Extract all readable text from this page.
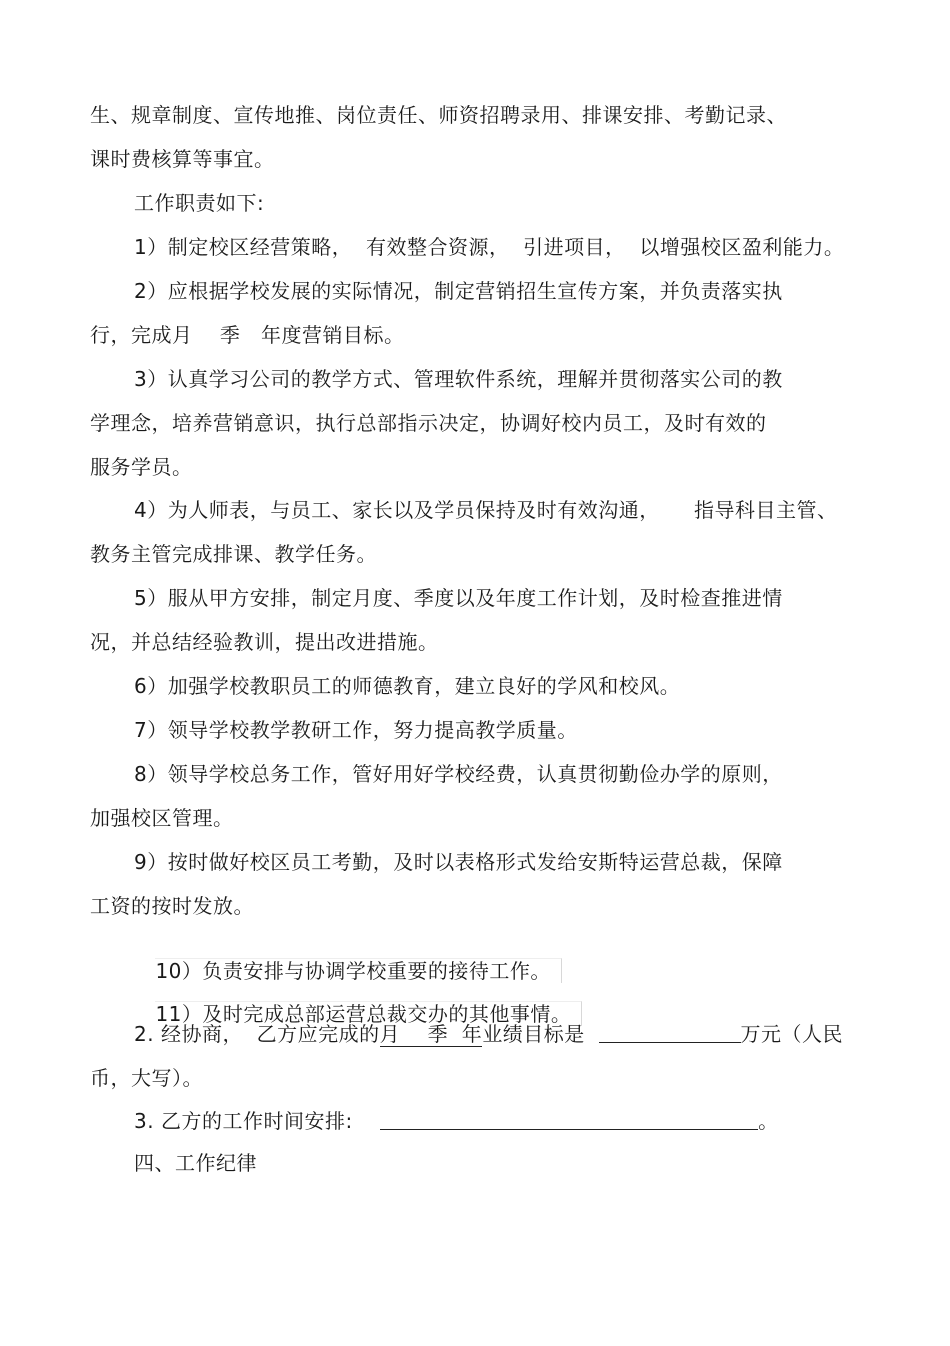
生、规章制度、宣传地推、岗位责任、师资招聘录用、排课安排、考勤记录、
课时费核算等事宜。
工作职责如下:
1）制定校区经营策略，  有效整合资源，  引进项目，  以增强校区盈利能力。
2）应根据学校发展的实际情况，制定营销招生宣传方案，并负责落实执
行，完成月    季   年度营销目标。
3）认真学习公司的教学方式、管理软件系统，理解并贯彻落实公司的教
学理念，培养营销意识，执行总部指示决定，协调好校内员工，及时有效的
服务学员。
4）为人师表，与员工、家长以及学员保持及时有效沟通，     指导科目主管、
教务主管完成排课、教学任务。
5）服从甲方安排，制定月度、季度以及年度工作计划，及时检查推进情
况，并总结经验教训，提出改进措施。
6）加强学校教职员工的师德教育，建立良好的学风和校风。
7）领导学校教学教研工作，努力提高教学质量。
8）领导学校总务工作，管好用好学校经费，认真贯彻勤俭办学的原则，
加强校区管理。
9）按时做好校区员工考勤，及时以表格形式发给安斯特运营总裁，保障
工资的按时发放。

10）负责安排与协调学校重要的接待工作。

11）及时完成总部运营总裁交办的其他事情。

2. 经协商，  乙方应完成的月    季  年业绩目标是	万元（人民
币，大写）。
3. 乙方的工作时间安排:	。
四、工作纪律
